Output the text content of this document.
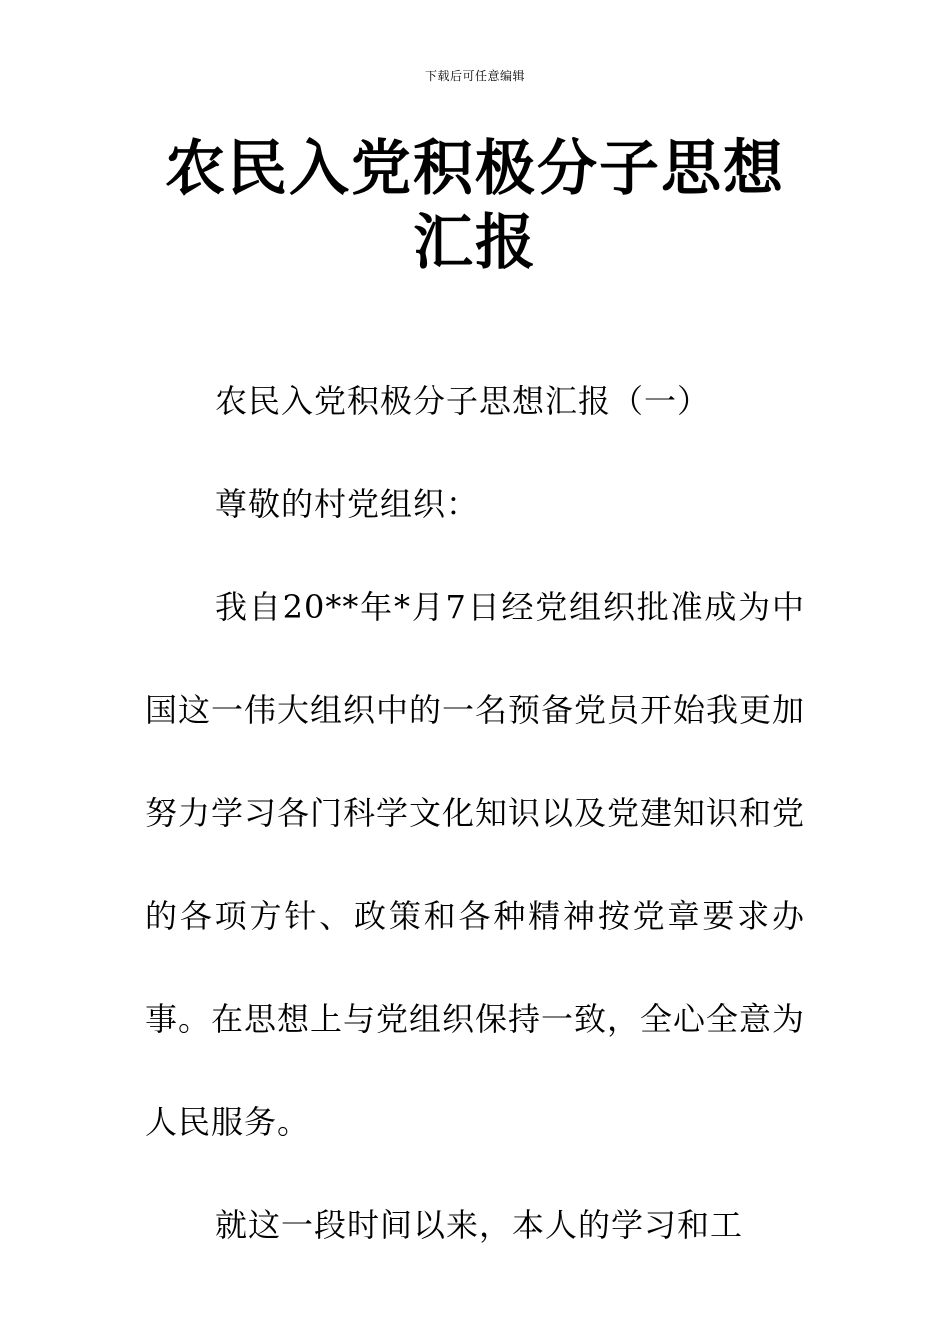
下载后可任意编辑
农民入党积极分子思想汇报

农民入党积极分子思想汇报（一）

尊敬的村党组织：

我自20**年*月7日经党组织批准成为中国这一伟大组织中的一名预备党员开始我更加努力学习各门科学文化知识以及党建知识和党的各项方针、政策和各种精神按党章要求办事。在思想上与党组织保持一致，全心全意为人民服务。

就这一段时间以来，本人的学习和工
